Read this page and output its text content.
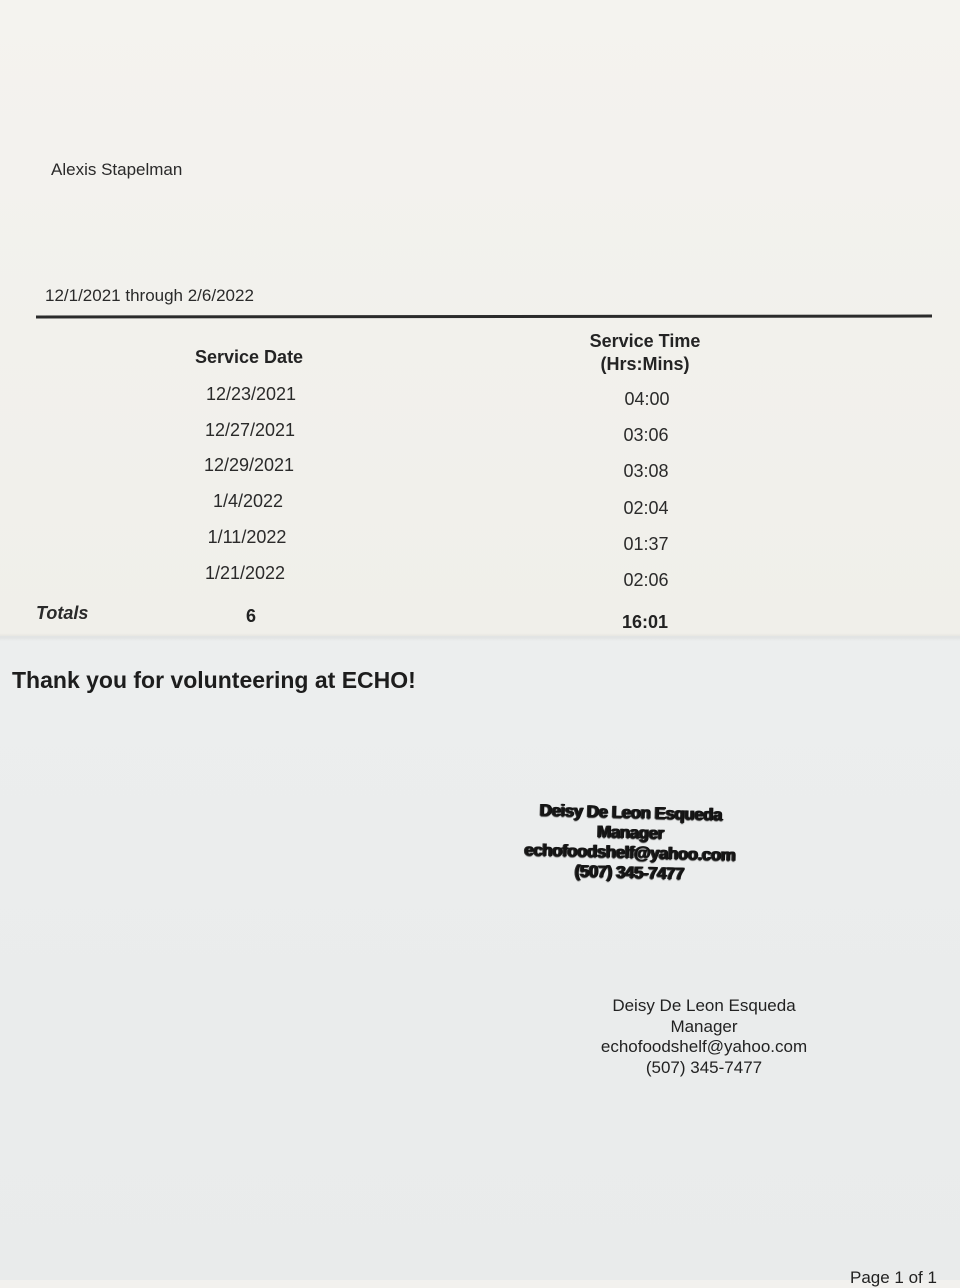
Alexis Stapelman
12/1/2021 through 2/6/2022
Service Date
Service Time
(Hrs:Mins)
12/23/2021	04:00
12/27/2021	03:06
12/29/2021	03:08
1/4/2022	02:04
1/11/2022	01:37
1/21/2022	02:06
Totals	6	16:01
Thank you for volunteering at ECHO!
Deisy De Leon Esqueda
Manager
echofoodshelf@yahoo.com
(507) 345-7477
Deisy De Leon Esqueda
Manager
echofoodshelf@yahoo.com
(507) 345-7477
Page 1 of 1
